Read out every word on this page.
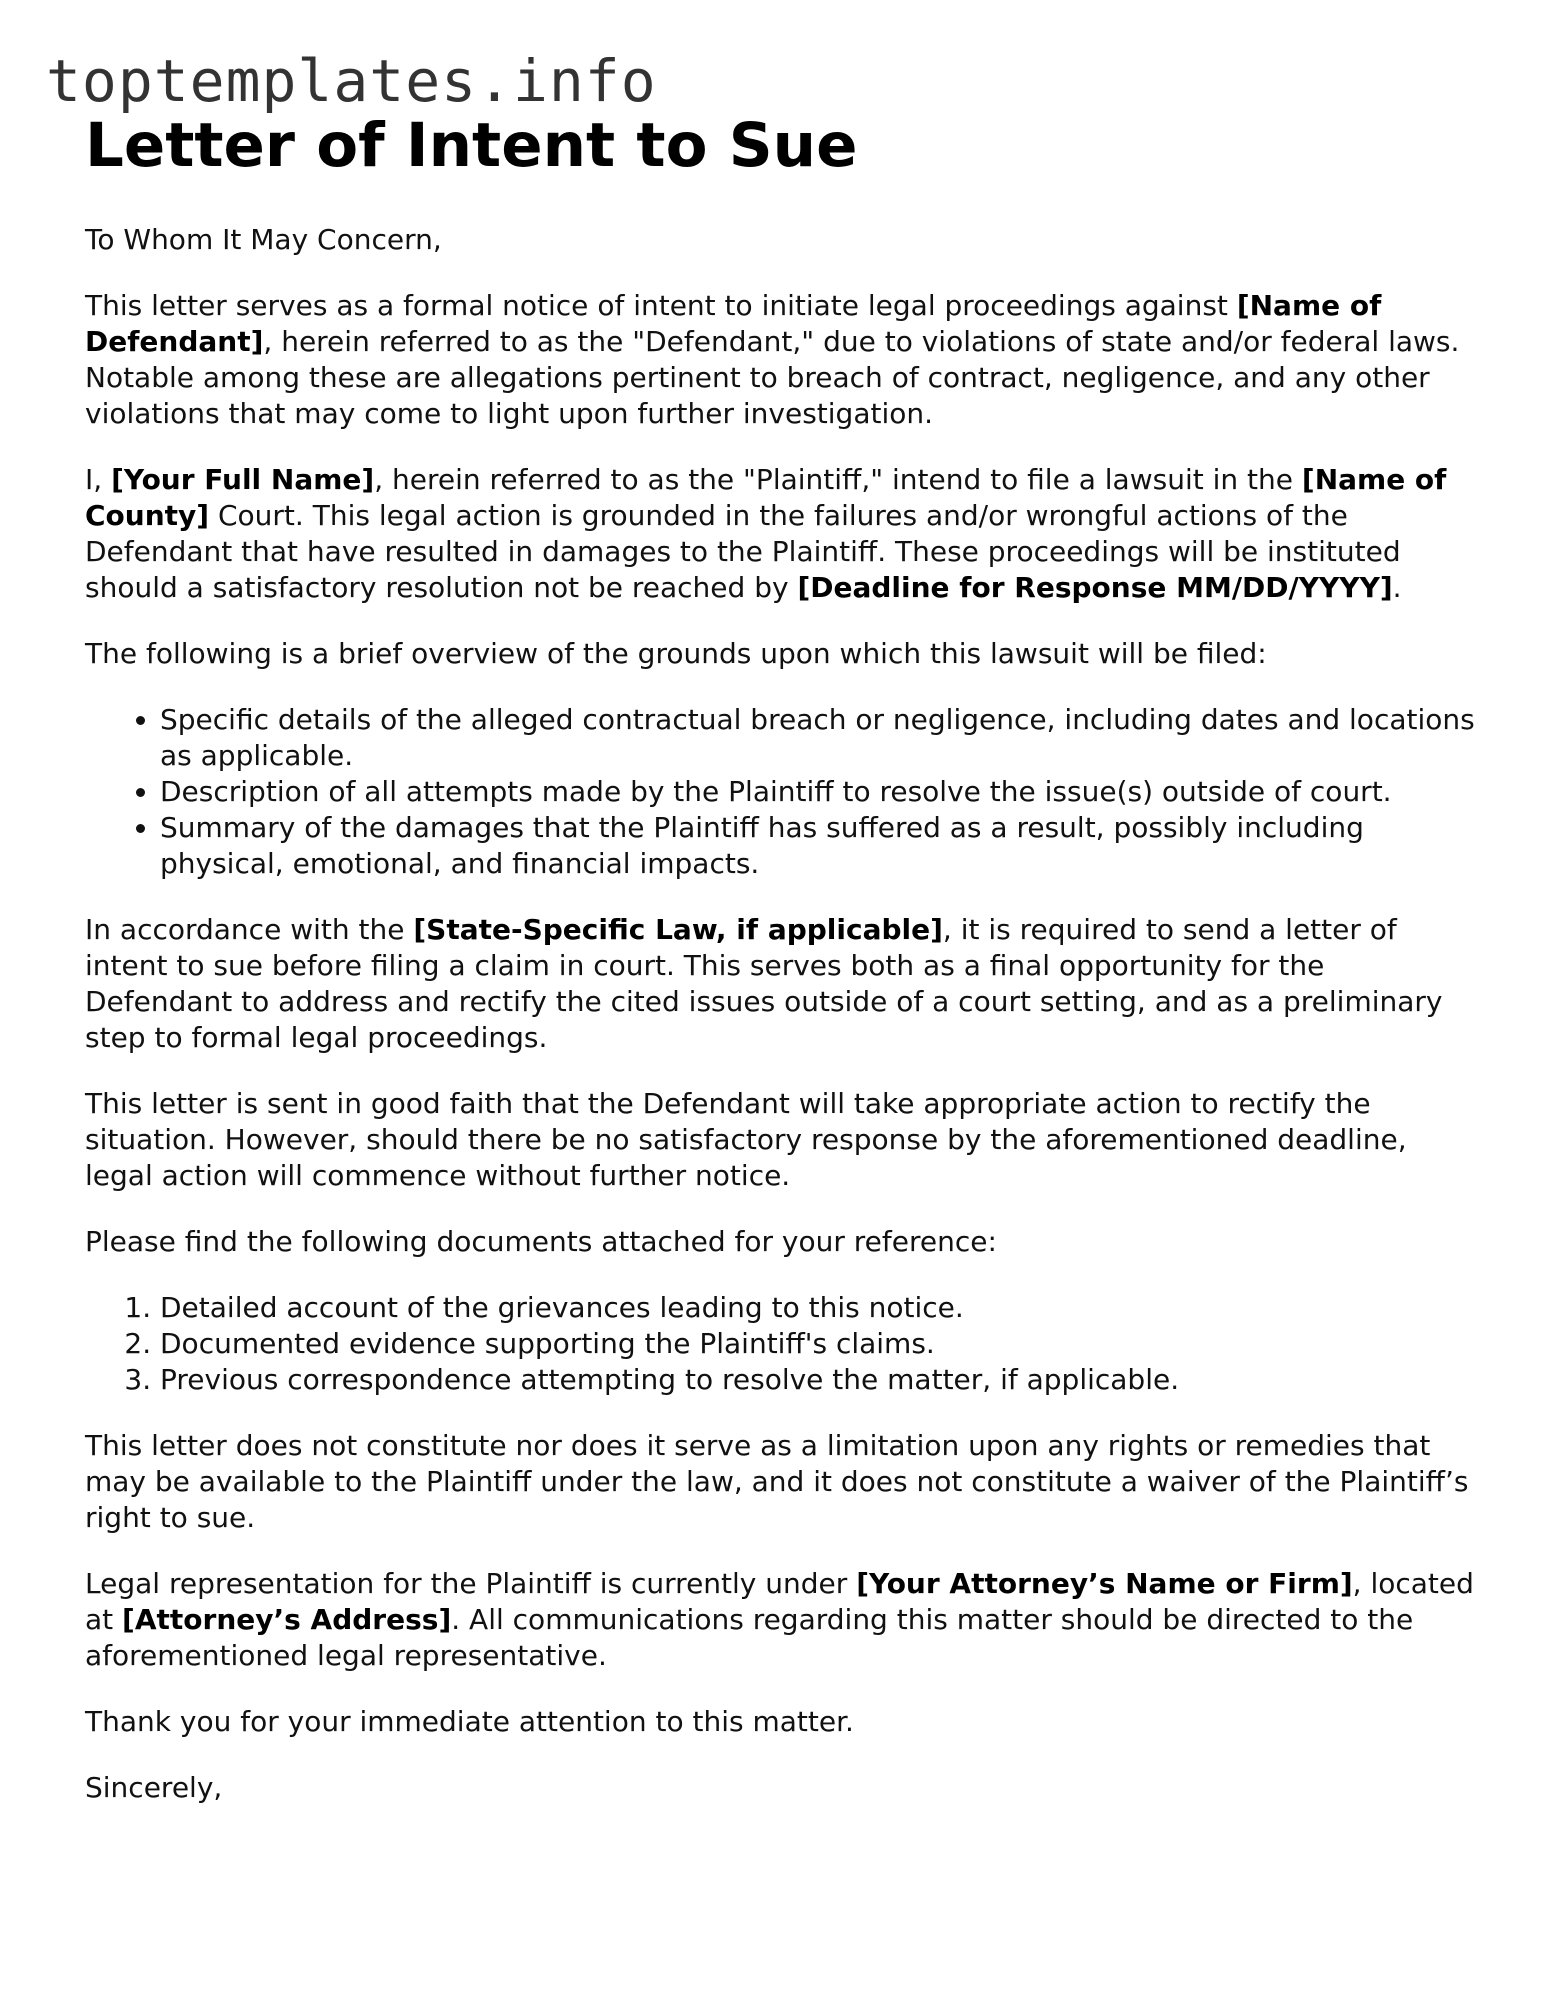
toptemplates.info
Letter of Intent to Sue

To Whom It May Concern,

This letter serves as a formal notice of intent to initiate legal proceedings against [Name of Defendant], herein referred to as the "Defendant," due to violations of state and/or federal laws. Notable among these are allegations pertinent to breach of contract, negligence, and any other violations that may come to light upon further investigation.

I, [Your Full Name], herein referred to as the "Plaintiff," intend to file a lawsuit in the [Name of County] Court. This legal action is grounded in the failures and/or wrongful actions of the Defendant that have resulted in damages to the Plaintiff. These proceedings will be instituted should a satisfactory resolution not be reached by [Deadline for Response MM/DD/YYYY].

The following is a brief overview of the grounds upon which this lawsuit will be filed:

• Specific details of the alleged contractual breach or negligence, including dates and locations as applicable.
• Description of all attempts made by the Plaintiff to resolve the issue(s) outside of court.
• Summary of the damages that the Plaintiff has suffered as a result, possibly including physical, emotional, and financial impacts.

In accordance with the [State-Specific Law, if applicable], it is required to send a letter of intent to sue before filing a claim in court. This serves both as a final opportunity for the Defendant to address and rectify the cited issues outside of a court setting, and as a preliminary step to formal legal proceedings.

This letter is sent in good faith that the Defendant will take appropriate action to rectify the situation. However, should there be no satisfactory response by the aforementioned deadline, legal action will commence without further notice.

Please find the following documents attached for your reference:

1. Detailed account of the grievances leading to this notice.
2. Documented evidence supporting the Plaintiff's claims.
3. Previous correspondence attempting to resolve the matter, if applicable.

This letter does not constitute nor does it serve as a limitation upon any rights or remedies that may be available to the Plaintiff under the law, and it does not constitute a waiver of the Plaintiff’s right to sue.

Legal representation for the Plaintiff is currently under [Your Attorney’s Name or Firm], located at [Attorney’s Address]. All communications regarding this matter should be directed to the aforementioned legal representative.

Thank you for your immediate attention to this matter.

Sincerely,
